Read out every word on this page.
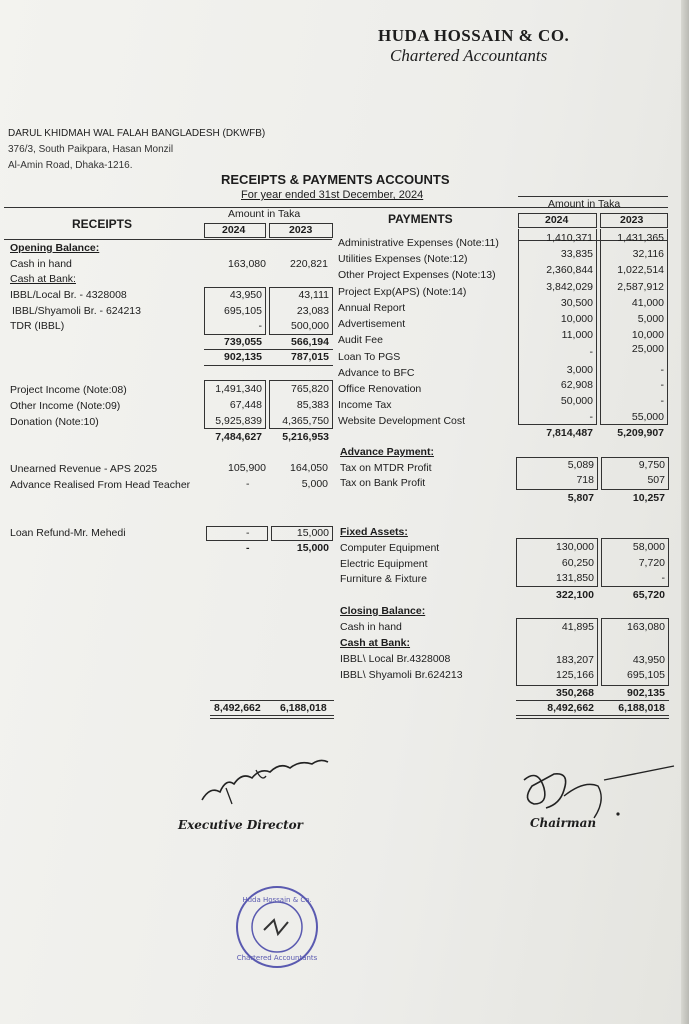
HUDA HOSSAIN & CO.
Chartered Accountants
DARUL KHIDMAH WAL FALAH BANGLADESH (DKWFB)
376/3, South Paikpara, Hasan Monzil
Al-Amin Road, Dhaka-1216.
RECEIPTS & PAYMENTS ACCOUNTS
For year ended 31st December, 2024
RECEIPTS	PAYMENTS
Amount in Taka
2024	2023
Amount in Taka
2024	2023
Opening Balance:
Cash in hand	163,080	220,821
Cash at Bank:
IBBL/Local Br. - 4328008	43,950	43,111
IBBL/Shyamoli Br. - 624213	695,105	23,083
TDR (IBBL)	-	500,000
739,055	566,194
902,135	787,015
Project Income (Note:08)	1,491,340	765,820
Other Income (Note:09)	67,448	85,383
Donation (Note:10)	5,925,839	4,365,750
7,484,627	5,216,953
Unearned Revenue - APS 2025	105,900	164,050
Advance Realised From Head Teacher	-	5,000
Loan Refund-Mr. Mehedi	-	15,000
-	15,000
8,492,662 6,188,018
Administrative Expenses (Note:11)	1,410,371	1,431,365
Utilities Expenses (Note:12)	33,835	32,116
Other Project Expenses (Note:13)	2,360,844	1,022,514
Project Exp(APS) (Note:14)	3,842,029	2,587,912
Annual Report	30,500	41,000
Advertisement	10,000	5,000
Audit Fee	11,000	10,000
Loan To PGS	-	25,000
Advance to BFC	3,000	-
Office Renovation	62,908	-
Income Tax	50,000	-
Website Development Cost	-	55,000
7,814,487	5,209,907
Advance Payment:
Tax on MTDR Profit	5,089	9,750
Tax on Bank Profit	718	507
5,807	10,257
Fixed Assets:
Computer Equipment	130,000	58,000
Electric Equipment	60,250	7,720
Furniture & Fixture	131,850	-
322,100	65,720
Closing Balance:
Cash in hand	41,895	163,080
Cash at Bank:
IBBL\ Local Br.4328008	183,207	43,950
IBBL\ Shyamoli Br.624213	125,166	695,105
350,268	902,135
8,492,662	6,188,018
Executive Director	Chairman
Huda Hossain & Co.
Chartered Accountants
